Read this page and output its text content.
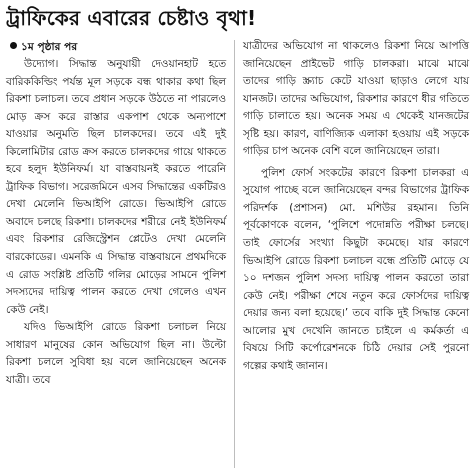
ট্রাফিকের এবারের চেষ্টাও বৃথা!
১ম পৃষ্ঠার পর

উদ্যোগ। সিদ্ধান্ত অনুযায়ী দেওয়ানহাট হতে বারিককিল্ডিং পর্যন্ত মূল সড়কে বন্ধ থাকার কথা ছিল রিকশা চলাচল। তবে প্রধান সড়কে উঠতে না পারলেও মোড় ক্রস করে রাস্তার একপাশ থেকে অন্যপাশে যাওয়ার অনুমতি ছিল চালকদের। তবে এই দুই কিলোমিটার রোড ক্রস করতে চালকদের গায়ে থাকতে হবে হলুদ ইউনিফর্ম। যা বাস্তবায়নই করতে পারেনি ট্রাফিক বিভাগ। সরেজমিনে এসব সিদ্ধান্তের একটিরও দেখা মেলেনি ভিআইপি রোডে। ভিআইপি রোডে অবাদে চলছে রিকশা। চালকদের শরীরে নেই ইউনিফর্ম এবং রিকশার রেজিস্ট্রেশন প্লেটেও দেখা মেলেনি বারকোডের। এমনকি এ সিদ্ধান্ত বাস্তবায়নে প্রথমদিকে এ রোড সংশ্লিষ্ট প্রতিটি গলির মোড়ের সামনে পুলিশ সদস্যদের দায়িত্ব পালন করতে দেখা গেলেও এখন কেউ নেই।

যদিও ভিআইপি রোডে রিকশা চলাচল নিয়ে সাধারণ মানুষের কোন অভিযোগ ছিল না। উল্টো রিকশা চললে সুবিধা হয় বলে জানিয়েছেন অনেক যাত্রী। তবে

যাত্রীদের অভিযোগ না থাকলেও রিকশা নিয়ে আপত্তি জানিয়েছেন প্রাইভেট গাড়ি চালকরা। মাঝে মাঝে তাদের গাড়ি স্ক্র্যাচ কেটে যাওয়া ছাড়াও লেগে যায় যানজট। তাদের অভিযোগ, রিকশার কারণে ধীর গতিতে গাড়ি চালাতে হয়। অনেক সময় এ থেকেই যানজটের সৃষ্টি হয়। কারণ, বাণিজ্যিক এলাকা হওয়ায় এই সড়কে গাড়ির চাপ অনেক বেশি বলে জানিয়েছেন তারা।

পুলিশ ফোর্স সংকটের কারণে রিকশা চালকরা এ সুযোগ পাচ্ছে বলে জানিয়েছেন বন্দর বিভাগের ট্রাফিক পরিদর্শক (প্রশাসন) মো. মশিউর রহমান। তিনি পূর্বকোণকে বলেন, ‘পুলিশে পদোন্নতি পরীক্ষা চলছে। তাই ফোর্সের সংখ্যা কিছুটা কমেছে। যার কারণে ভিআইপি রোডে রিকশা চলাচল বন্ধে প্রতিটি মোড়ে যে ১০ দশজন পুলিশ সদস্য দায়িত্ব পালন করতো তারা কেউ নেই। পরীক্ষা শেষে নতুন করে ফোর্সদের দায়িত্ব দেয়ার জন্য বলা হয়েছে।’ তবে বাকি দুই সিদ্ধান্ত কেনো আলোর মুখ দেখেনি জানতে চাইলে এ কর্মকর্তা এ বিষয়ে সিটি কর্পোরেশনকে চিঠি দেয়ার সেই পুরনো গল্পের কথাই জানান।
